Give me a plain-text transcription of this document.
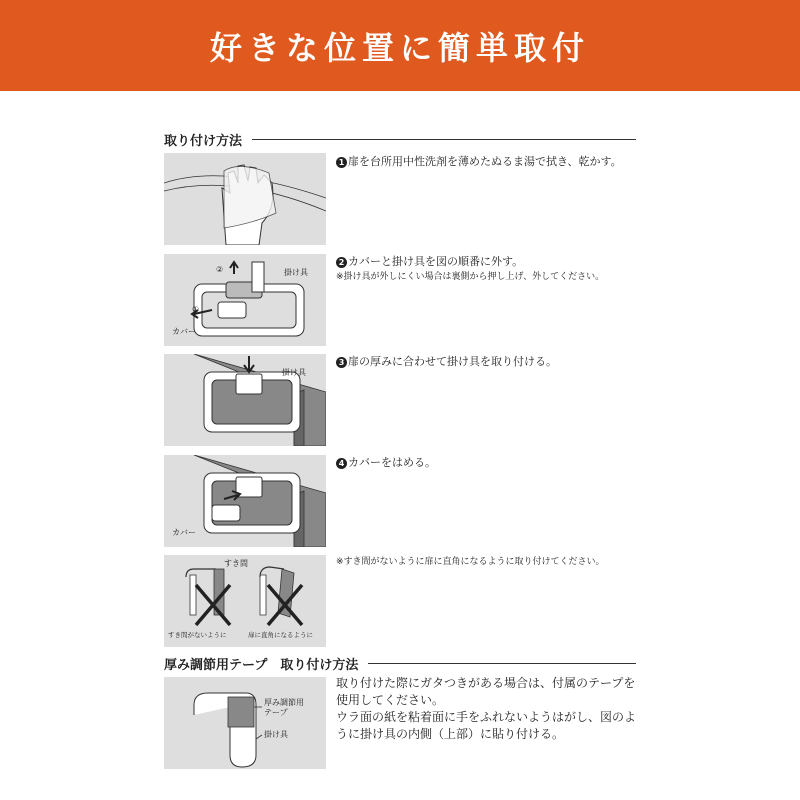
好きな位置に簡単取付
取り付け方法
1 扉を台所用中性洗剤を薄めたぬるま湯で拭き、乾かす。
掛け具
カバー
②
①
2 カバーと掛け具を図の順番に外す。
※掛け具が外しにくい場合は裏側から押し上げ、外してください。
掛け具
3 扉の厚みに合わせて掛け具を取り付ける。
カバー
4 カバーをはめる。
すき間
すき間がないように	扉に直角になるように
※すき間がないように扉に直角になるように取り付けてください。
厚み調節用テープ　取り付け方法
厚み調節用
テープ
掛け具
取り付けた際にガタつきがある場合は、付属のテープを使用してください。
ウラ面の紙を粘着面に手をふれないようはがし、図のように掛け具の内側（上部）に貼り付ける。
